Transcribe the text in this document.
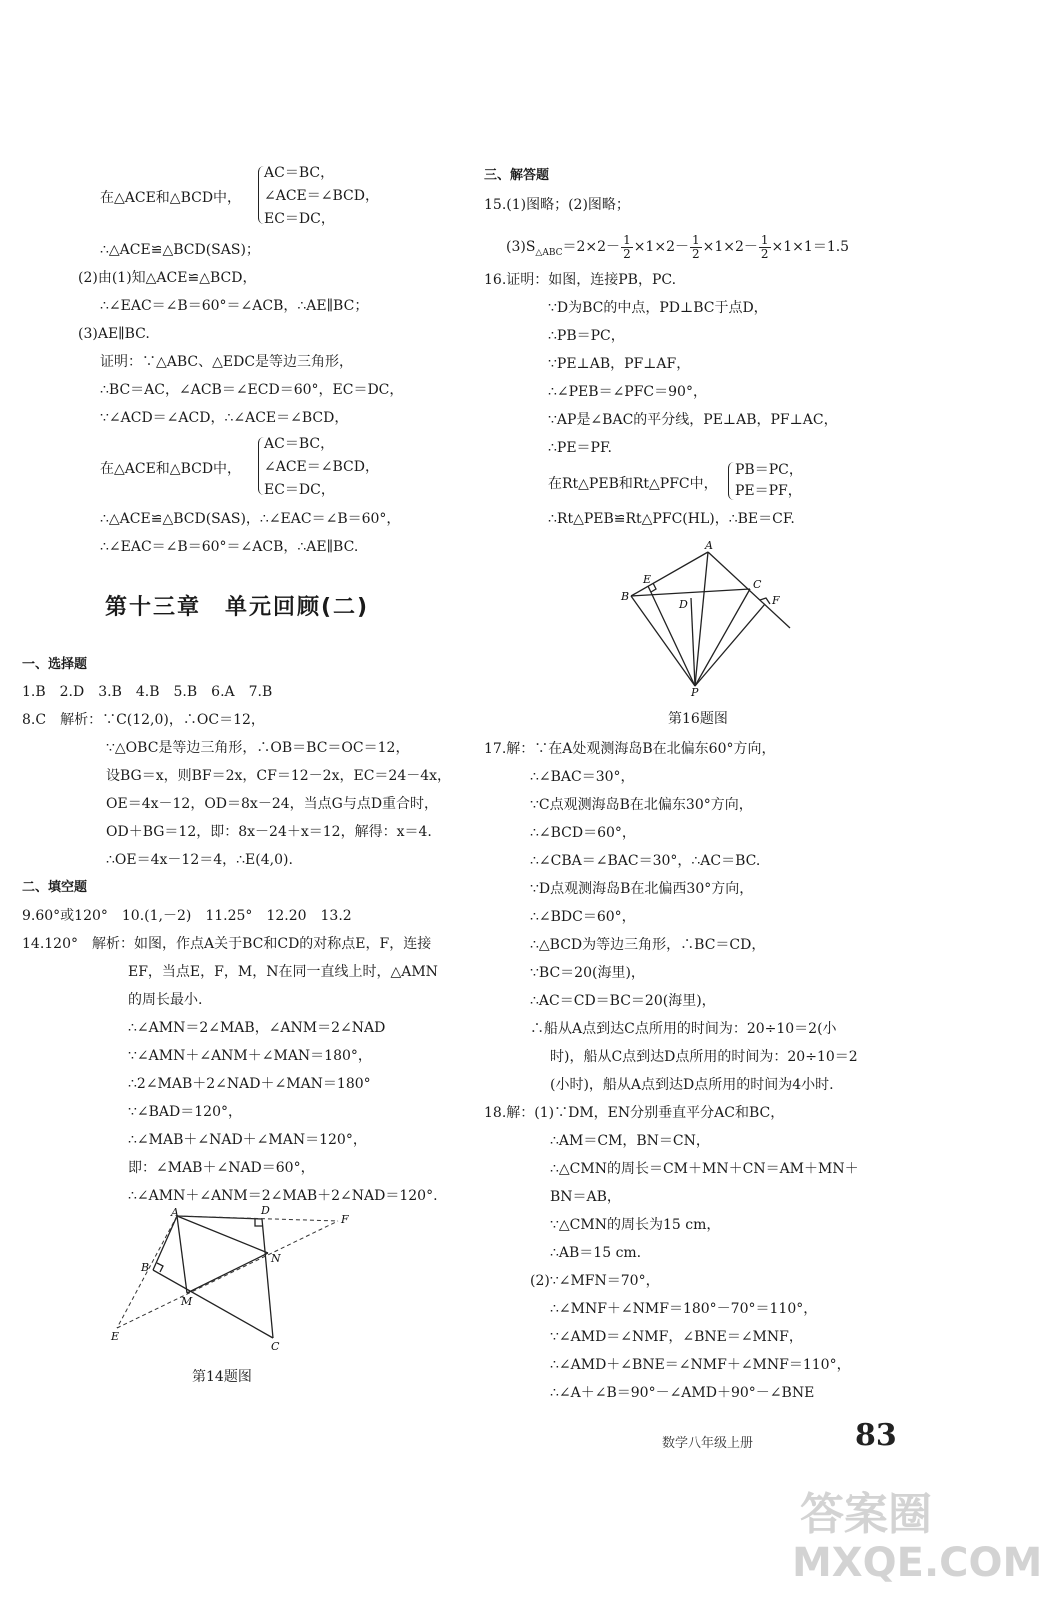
在△ACE和△BCD中，
AC＝BC，
∠ACE＝∠BCD，
EC＝DC，
∴△ACE≌△BCD(SAS)；
(2)由(1)知△ACE≌△BCD，
∴∠EAC＝∠B＝60°＝∠ACB，∴AE∥BC；
(3)AE∥BC.
证明：∵△ABC、△EDC是等边三角形，
∴BC＝AC，∠ACB＝∠ECD＝60°，EC＝DC，
∵∠ACD＝∠ACD，∴∠ACE＝∠BCD，
在△ACE和△BCD中，
AC＝BC，
∠ACE＝∠BCD，
EC＝DC，
∴△ACE≌△BCD(SAS)，∴∠EAC＝∠B＝60°，
∴∠EAC＝∠B＝60°＝∠ACB，∴AE∥BC.
第十三章　单元回顾(二)
一、选择题
1.B　2.D　3.B　4.B　5.B　6.A　7.B
8.C　解析：∵C(12,0)，∴OC＝12，
∵△OBC是等边三角形，∴OB＝BC＝OC＝12，
设BG＝x，则BF＝2x，CF＝12－2x，EC＝24－4x，
OE＝4x－12，OD＝8x－24，当点G与点D重合时，
OD＋BG＝12，即：8x－24＋x＝12，解得：x＝4.
∴OE＝4x－12＝4，∴E(4,0).
二、填空题
9.60°或120°　10.(1,－2)　11.25°　12.20　13.2
14.120°　解析：如图，作点A关于BC和CD的对称点E，F，连接
EF，当点E，F，M，N在同一直线上时，△AMN
的周长最小.
∴∠AMN＝2∠MAB，∠ANM＝2∠NAD
∵∠AMN＋∠ANM＋∠MAN＝180°，
∴2∠MAB＋2∠NAD＋∠MAN＝180°
∵∠BAD＝120°，
∴∠MAB＋∠NAD＋∠MAN＝120°，
即：∠MAB＋∠NAD＝60°，
∴∠AMN＋∠ANM＝2∠MAB＋2∠NAD＝120°.
A
B
D
F
N
M
E
C
第14题图
三、解答题
15.(1)图略；(2)图略；
$(3)S_{\triangle ABC}=2\times 2- \frac{1}{2} \times 1\times 2- \frac{1}{2} \times 1\times 2- \frac{1}{2} \times 1\times 1=1.5$
16.证明：如图，连接PB，PC.
∵D为BC的中点，PD⊥BC于点D，
∴PB＝PC，
∵PE⊥AB，PF⊥AF，
∴∠PEB＝∠PFC＝90°，
∵AP是∠BAC的平分线，PE⊥AB，PF⊥AC，
∴PE＝PF.
在Rt△PEB和Rt△PFC中，
PB＝PC，
PE＝PF，
∴Rt△PEB≌Rt△PFC(HL)，∴BE＝CF.
A
E	C
B
D	F
P
第16题图
17.解：∵在A处观测海岛B在北偏东60°方向，
∴∠BAC＝30°，
∵C点观测海岛B在北偏东30°方向，
∴∠BCD＝60°，
∴∠CBA＝∠BAC＝30°，∴AC＝BC.
∵D点观测海岛B在北偏西30°方向，
∴∠BDC＝60°，
∴△BCD为等边三角形，∴BC＝CD，
∵BC＝20(海里)，
∴AC＝CD＝BC＝20(海里)，
∴船从A点到达C点所用的时间为：20÷10＝2(小
时)，船从C点到达D点所用的时间为：20÷10＝2
(小时)，船从A点到达D点所用的时间为4小时.
18.解：(1)∵DM，EN分别垂直平分AC和BC，
∴AM＝CM，BN＝CN，
∴△CMN的周长＝CM＋MN＋CN＝AM＋MN＋
BN＝AB，
∵△CMN的周长为15 cm，
∴AB＝15 cm.
(2)∵∠MFN＝70°，
∴∠MNF＋∠NMF＝180°－70°＝110°，
∵∠AMD＝∠NMF，∠BNE＝∠MNF，
∴∠AMD＋∠BNE＝∠NMF＋∠MNF＝110°，
∴∠A＋∠B＝90°－∠AMD＋90°－∠BNE
数学八年级上册	83
答案圈
MXQE.COM
